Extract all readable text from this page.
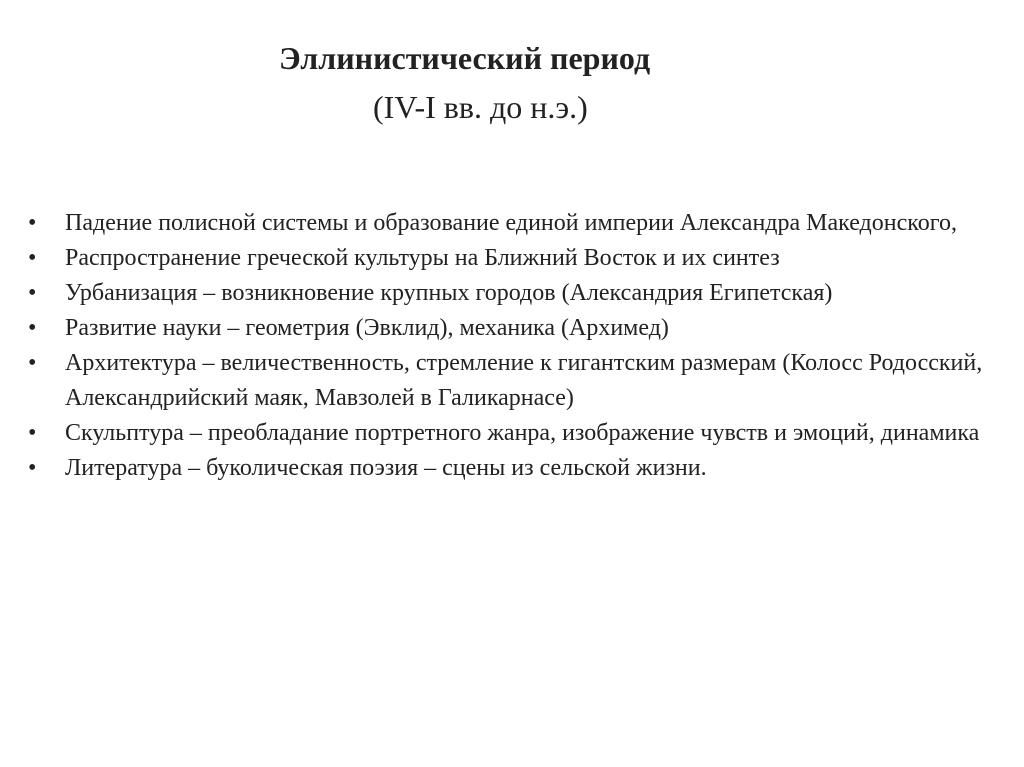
Эллинистический период
(IV-I вв. до н.э.)
•	Падение полисной системы и образование единой империи Александра Македонского,
•	Распространение греческой культуры на Ближний Восток и их синтез
•	Урбанизация – возникновение крупных городов (Александрия Египетская)
•	Развитие науки – геометрия (Эвклид), механика (Архимед)
•	Архитектура – величественность, стремление к гигантским размерам (Колосс Родосский, Александрийский маяк, Мавзолей в Галикарнасе)
•	Скульптура – преобладание портретного жанра, изображение чувств и эмоций, динамика
•	Литература – буколическая поэзия – сцены из сельской жизни.
